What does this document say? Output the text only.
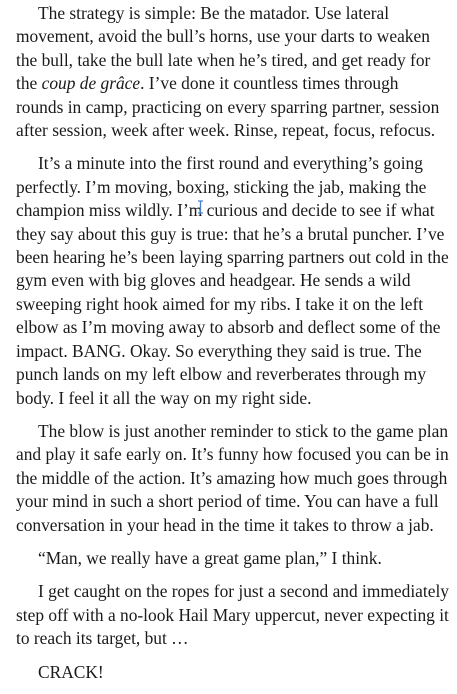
The strategy is simple: Be the matador. Use lateral movement, avoid the bull’s horns, use your darts to weaken the bull, take the bull late when he’s tired, and get ready for the coup de grâce. I’ve done it countless times through rounds in camp, practicing on every sparring partner, session after session, week after week. Rinse, repeat, focus, refocus.

It’s a minute into the first round and everything’s going perfectly. I’m moving, boxing, sticking the jab, making the champion miss wildly. I’m curious and decide to see if what they say about this guy is true: that he’s a brutal puncher. I’ve been hearing he’s been laying sparring partners out cold in the gym even with big gloves and headgear. He sends a wild sweeping right hook aimed for my ribs. I take it on the left elbow as I’m moving away to absorb and deflect some of the impact. BANG. Okay. So everything they said is true. The punch lands on my left elbow and reverberates through my body. I feel it all the way on my right side.

The blow is just another reminder to stick to the game plan and play it safe early on. It’s funny how focused you can be in the middle of the action. It’s amazing how much goes through your mind in such a short period of time. You can have a full conversation in your head in the time it takes to throw a jab.

“Man, we really have a great game plan,” I think.

I get caught on the ropes for just a second and immediately step off with a no-look Hail Mary uppercut, never expecting it to reach its target, but …

CRACK!
